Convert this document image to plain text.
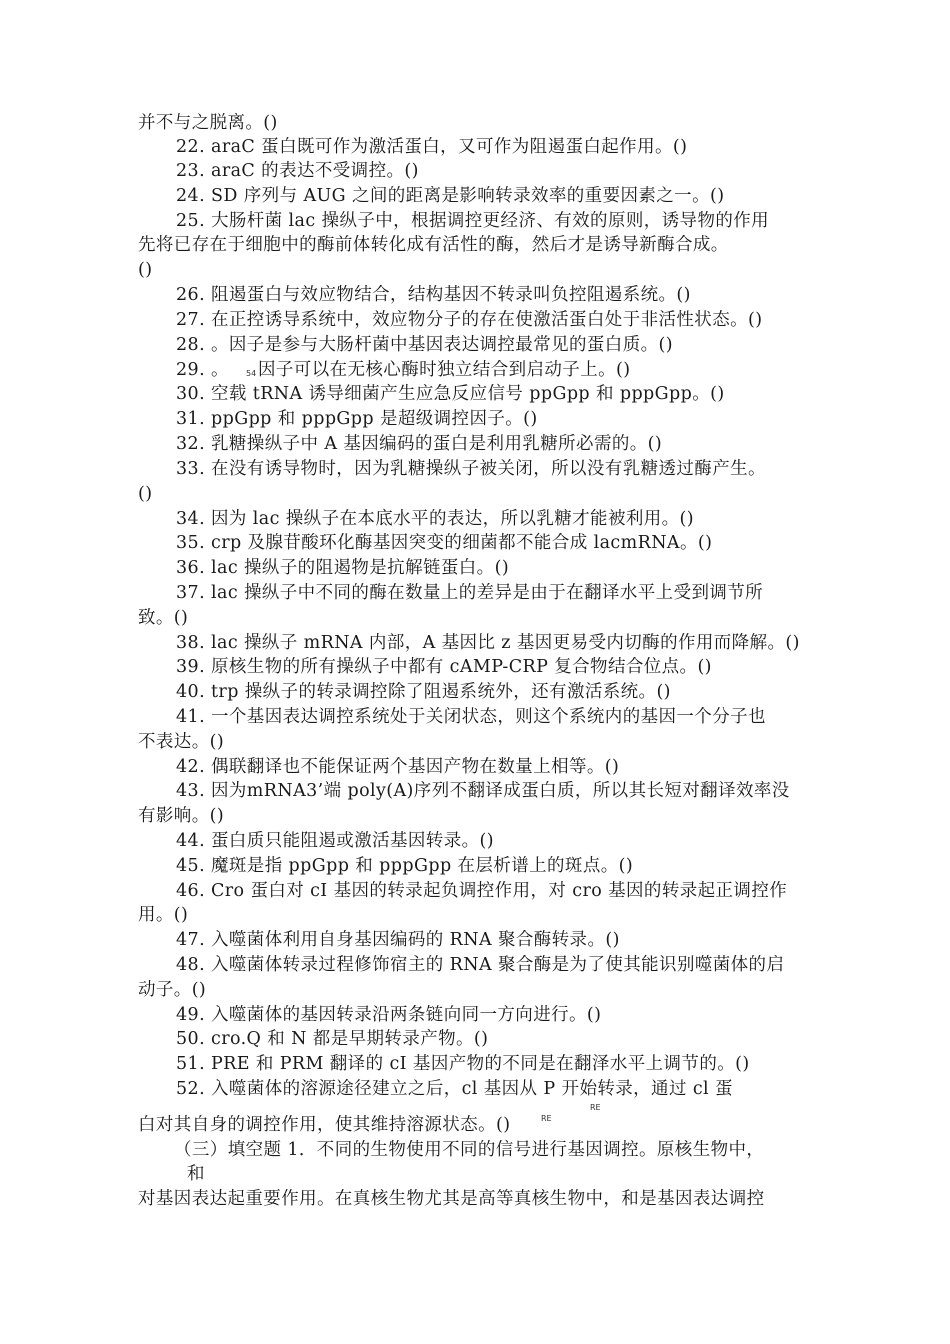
并不与之脱离。()
22. araC 蛋白既可作为激活蛋白，又可作为阻遏蛋白起作用。()
23. araC 的表达不受调控。()
24. SD 序列与 AUG 之间的距离是影响转录效率的重要因素之一。()
25. 大肠杆菌 lac 操纵子中，根据调控更经济、有效的原则，诱导物的作用
先将已存在于细胞中的酶前体转化成有活性的酶，然后才是诱导新酶合成。
()
26. 阻遏蛋白与效应物结合，结构基因不转录叫负控阻遏系统。()
27. 在正控诱导系统中，效应物分子的存在使激活蛋白处于非活性状态。()
28. 。因子是参与大肠杆菌中基因表达调控最常见的蛋白质。()
29. 。 54 因子可以在无核心酶时独立结合到启动子上。()
30. 空载 tRNA 诱导细菌产生应急反应信号 ppGpp 和 pppGpp。()
31. ppGpp 和 pppGpp 是超级调控因子。()
32. 乳糖操纵子中 A 基因编码的蛋白是利用乳糖所必需的。()
33. 在没有诱导物时，因为乳糖操纵子被关闭，所以没有乳糖透过酶产生。
()
34. 因为 lac 操纵子在本底水平的表达，所以乳糖才能被利用。()
35. crp 及腺苷酸环化酶基因突变的细菌都不能合成 lacmRNA。()
36. lac 操纵子的阻遏物是抗解链蛋白。()
37. lac 操纵子中不同的酶在数量上的差异是由于在翻译水平上受到调节所
致。()
38. lac 操纵子 mRNA 内部，A 基因比 z 基因更易受内切酶的作用而降解。()
39. 原核生物的所有操纵子中都有 cAMP-CRP 复合物结合位点。()
40. trp 操纵子的转录调控除了阻遏系统外，还有激活系统。()
41. 一个基因表达调控系统处于关闭状态，则这个系统内的基因一个分子也
不表达。()
42. 偶联翻译也不能保证两个基因产物在数量上相等。()
43. 因为mRNA3’端 poly(A)序列不翻译成蛋白质，所以其长短对翻译效率没
有影响。()
44. 蛋白质只能阻遏或激活基因转录。()
45. 魔斑是指 ppGpp 和 pppGpp 在层析谱上的斑点。()
46. Cro 蛋白对 cI 基因的转录起负调控作用，对 cro 基因的转录起正调控作
用。()
47. 入噬菌体利用自身基因编码的 RNA 聚合酶转录。()
48. 入噬菌体转录过程修饰宿主的 RNA 聚合酶是为了使其能识别噬菌体的启
动子。()
49. 入噬菌体的基因转录沿两条链向同一方向进行。()
50. cro.Q 和 N 都是早期转录产物。()
51. PRE 和 PRM 翻译的 cI 基因产物的不同是在翻泽水平上调节的。()
52. 入噬菌体的溶源途径建立之后，cl 基因从 P 开始转录，通过 cl 蛋
RE
白对其自身的调控作用，使其维持溶源状态。()	RE
（三）填空题 1．不同的生物使用不同的信号进行基因调控。原核生物中，
和
对基因表达起重要作用。在真核生物尤其是高等真核生物中，和是基因表达调控
